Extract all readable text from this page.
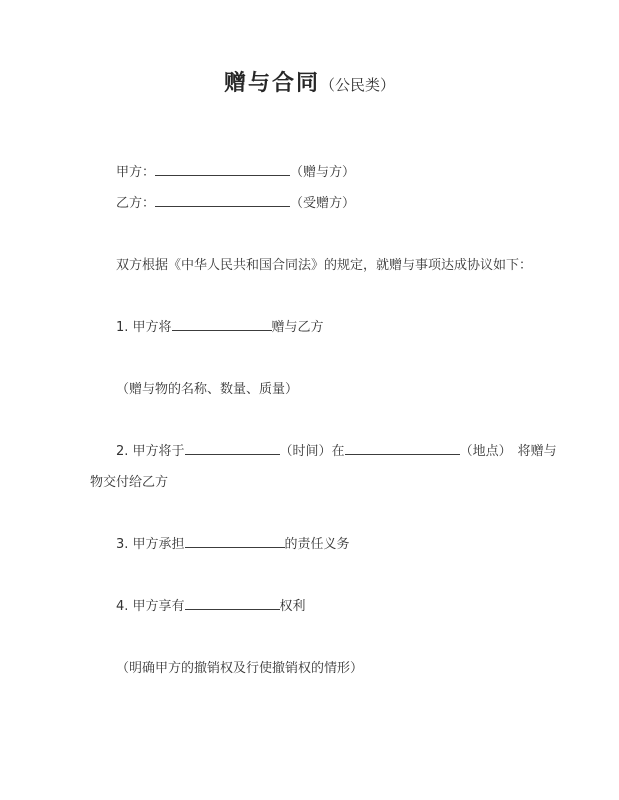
赠与合同（公民类）

甲方：	（赠与方）

乙方：	（受赠方）

双方根据《中华人民共和国合同法》的规定，就赠与事项达成协议如下：

1. 甲方将	赠与乙方

（赠与物的名称、数量、质量）

2. 甲方将于	（时间）在	（地点） 将赠与

物交付给乙方

3. 甲方承担	的责任义务

4. 甲方享有	权利

（明确甲方的撤销权及行使撤销权的情形）
